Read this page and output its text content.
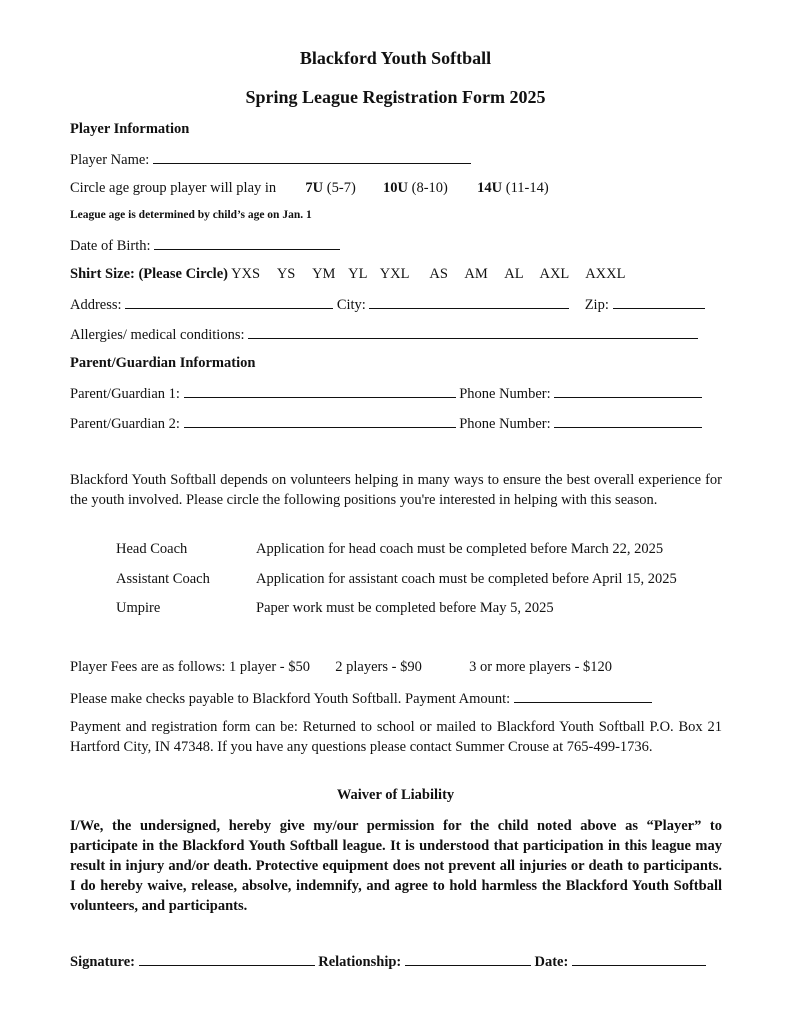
Blackford Youth Softball
Spring League Registration Form 2025
Player Information
Player Name:
Circle age group player will play in 7U (5-7) 10U (8-10) 14U (11-14)
League age is determined by child’s age on Jan. 1
Date of Birth:
Shirt Size: (Please Circle) YXS YS YM YL YXL AS AM AL AXL AXXL
Address:	City:	Zip:
Allergies/ medical conditions:
Parent/Guardian Information
Parent/Guardian 1:	Phone Number:
Parent/Guardian 2:	Phone Number:
Blackford Youth Softball depends on volunteers helping in many ways to ensure the best overall experience for the youth involved. Please circle the following positions you're interested in helping with this season.
Head Coach	Application for head coach must be completed before March 22, 2025
Assistant Coach	Application for assistant coach must be completed before April 15, 2025
Umpire	Paper work must be completed before May 5, 2025
Player Fees are as follows: 1 player - $50 2 players - $90	3 or more players - $120
Please make checks payable to Blackford Youth Softball. Payment Amount:
Payment and registration form can be: Returned to school or mailed to Blackford Youth Softball P.O. Box 21 Hartford City, IN 47348. If you have any questions please contact Summer Crouse at 765-499-1736.
Waiver of Liability
I/We, the undersigned, hereby give my/our permission for the child noted above as “Player” to participate in the Blackford Youth Softball league. It is understood that participation in this league may result in injury and/or death. Protective equipment does not prevent all injuries or death to participants. I do hereby waive, release, absolve, indemnify, and agree to hold harmless the Blackford Youth Softball volunteers, and participants.
Signature:	Relationship:	Date:
